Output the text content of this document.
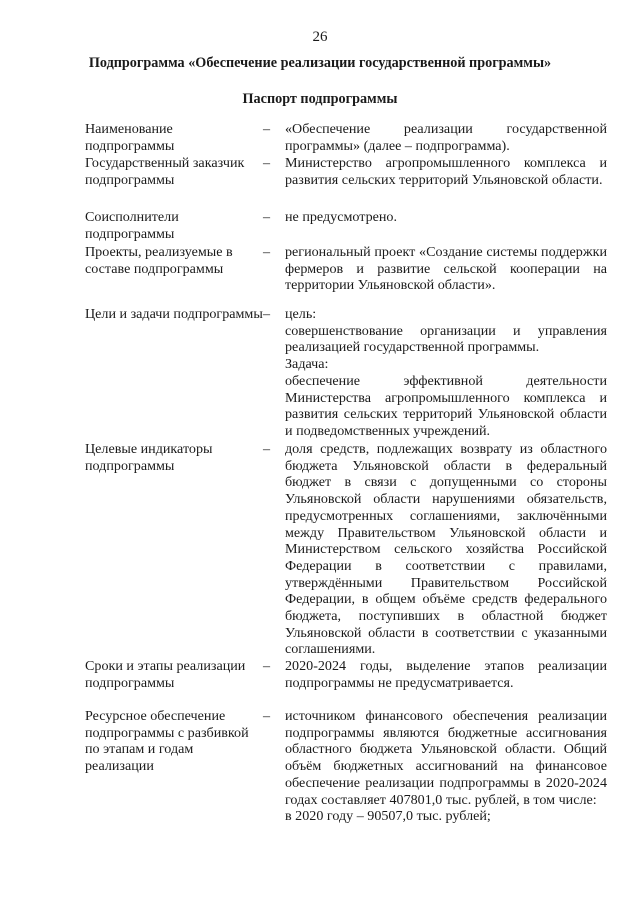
26
Подпрограмма «Обеспечение реализации государственной программы»
Паспорт подпрограммы
Наименование подпрограммы
–	«Обеспечение реализации государственной программы» (далее – подпрограмма).

Государственный заказчик подпрограммы
–	Министерство агропромышленного комплекса и развития сельских территорий Ульяновской области.

Соисполнители подпрограммы
–	не предусмотрено.

Проекты, реализуемые в составе подпрограммы
–	региональный проект «Создание системы поддержки фермеров и развитие сельской кооперации на территории Ульяновской области».

Цели и задачи подпрограммы –	цель:

совершенствование организации и управления реализацией государственной программы.

Задача:

обеспечение эффективной деятельности Министерства агропромышленного комплекса и развития сельских территорий Ульяновской области и подведомственных учреждений.

Целевые индикаторы подпрограммы
–	доля средств, подлежащих возврату из областного бюджета Ульяновской области в федеральный бюджет в связи с допущенными со стороны Ульяновской области нарушениями обязательств, предусмотренных соглашениями, заключёнными между Правительством Ульяновской области и Министерством сельского хозяйства Российской Федерации в соответствии с правилами, утверждёнными Правительством Российской Федерации, в общем объёме средств федерального бюджета, поступивших в областной бюджет Ульяновской области в соответствии с указанными соглашениями.

Сроки и этапы реализации подпрограммы
–	2020-2024 годы, выделение этапов реализации подпрограммы не предусматривается.

Ресурсное обеспечение подпрограммы с разбивкой по этапам и годам реализации
–	источником финансового обеспечения реализации подпрограммы являются бюджетные ассигнования областного бюджета Ульяновской области. Общий объём бюджетных ассигнований на финансовое обеспечение реализации подпрограммы в 2020-2024 годах составляет 407801,0 тыс. рублей, в том числе:

в 2020 году – 90507,0 тыс. рублей;
